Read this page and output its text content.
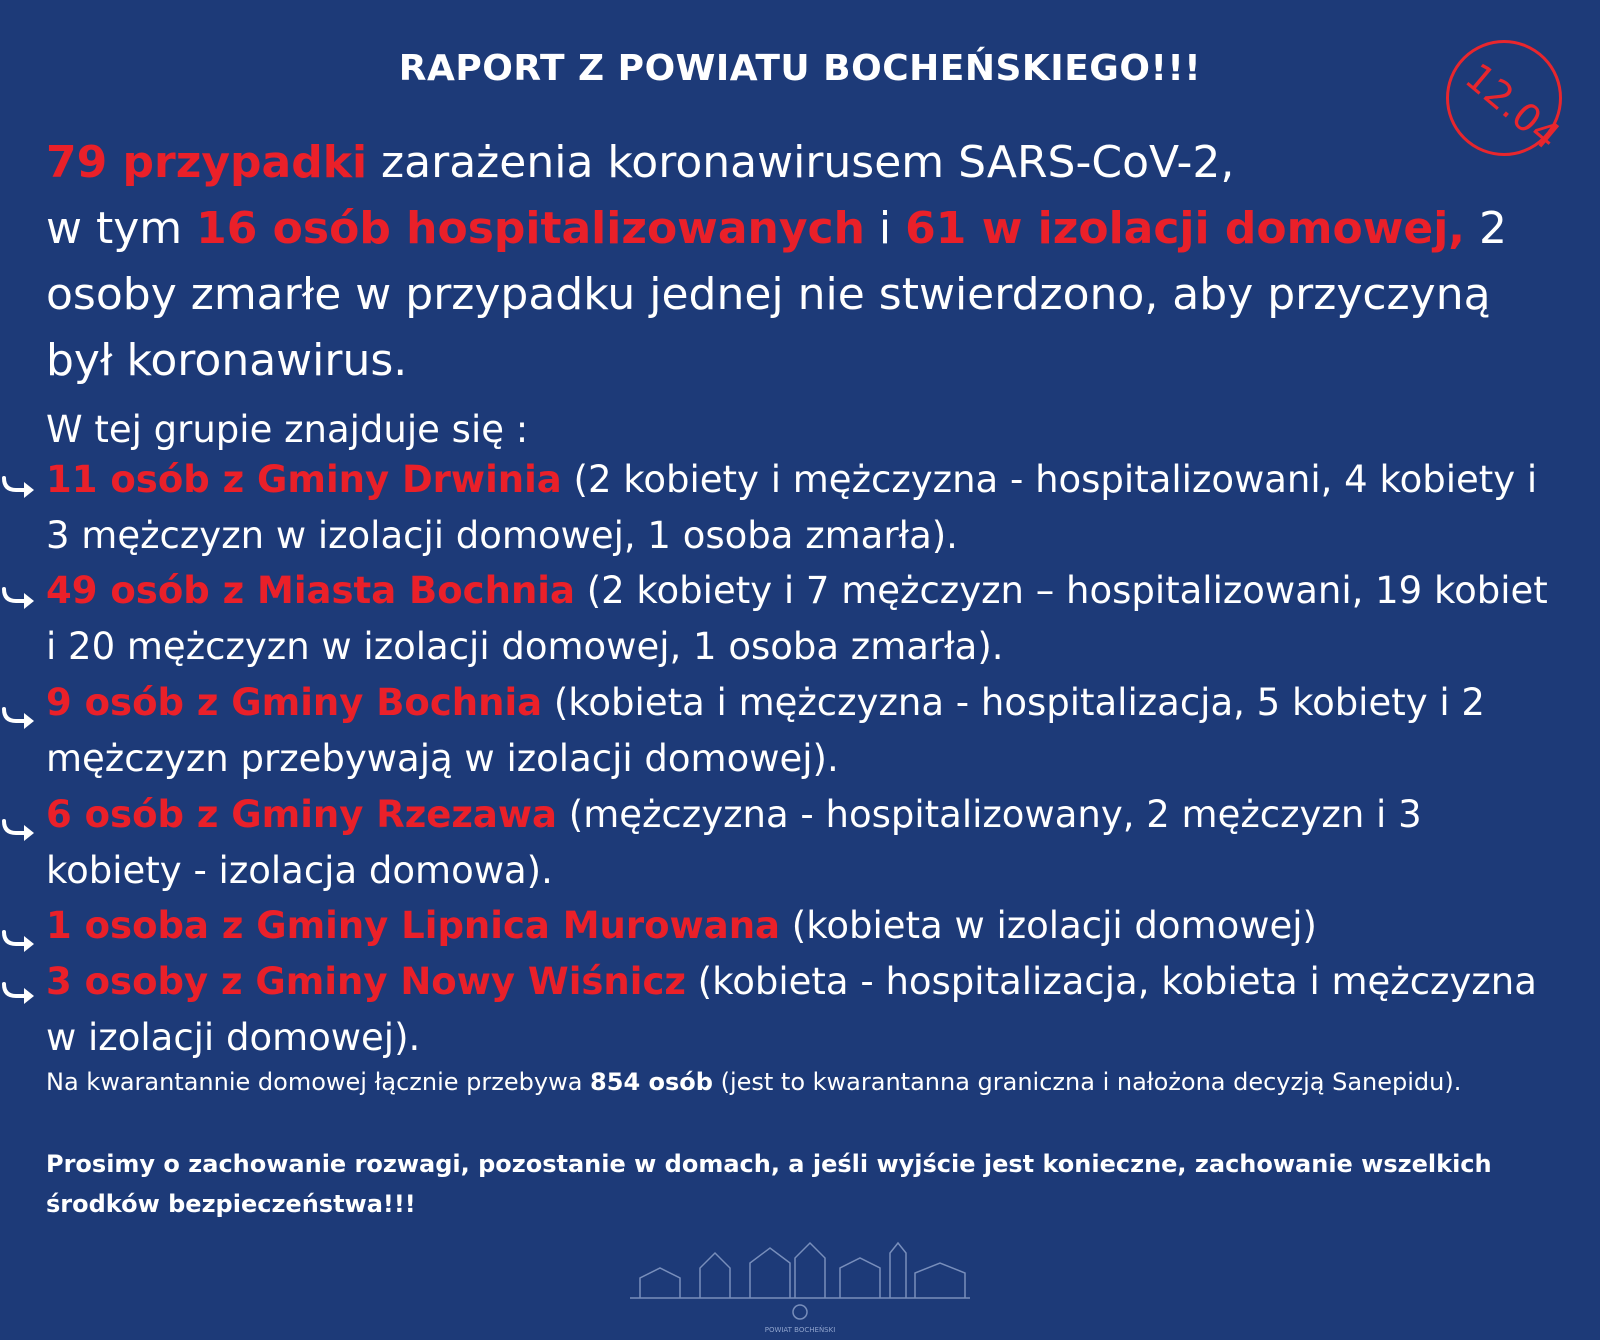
RAPORT Z POWIATU BOCHEŃSKIEGO!!!	12.04
79 przypadki zarażenia koronawirusem SARS-CoV-2,
w tym 16 osób hospitalizowanych i 61 w izolacji domowej, 2 osoby zmarłe w przypadku jednej nie stwierdzono, aby przyczyną był koronawirus.
W tej grupie znajduje się :
11 osób z Gminy Drwinia (2 kobiety i mężczyzna - hospitalizowani, 4 kobiety i 3 mężczyzn w izolacji domowej, 1 osoba zmarła).
49 osób z Miasta Bochnia (2 kobiety i 7 mężczyzn – hospitalizowani, 19 kobiet i 20 mężczyzn w izolacji domowej, 1 osoba zmarła).
9 osób z Gminy Bochnia (kobieta i mężczyzna - hospitalizacja, 5 kobiety i 2 mężczyzn przebywają w izolacji domowej).
6 osób z Gminy Rzezawa (mężczyzna - hospitalizowany, 2 mężczyzn i 3 kobiety - izolacja domowa).
1 osoba z Gminy Lipnica Murowana (kobieta w izolacji domowej)
3 osoby z Gminy Nowy Wiśnicz (kobieta - hospitalizacja, kobieta i mężczyzna w izolacji domowej).
Na kwarantannie domowej łącznie przebywa 854 osób (jest to kwarantanna graniczna i nałożona decyzją Sanepidu).
Prosimy o zachowanie rozwagi, pozostanie w domach, a jeśli wyjście jest konieczne, zachowanie wszelkich środków bezpieczeństwa!!!
POWIAT BOCHEŃSKI
